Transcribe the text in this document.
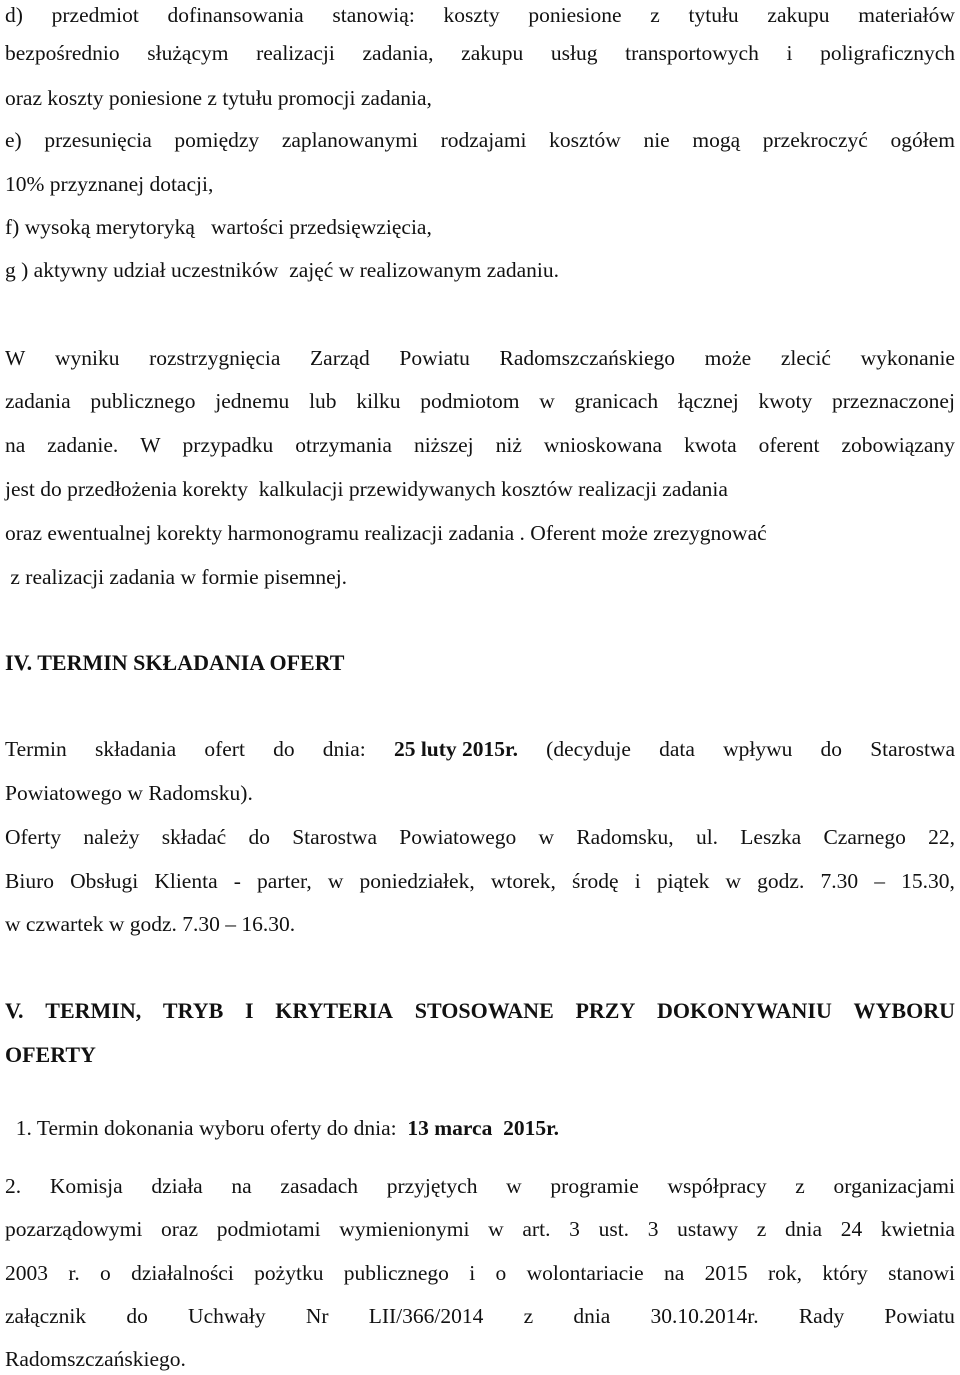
d) przedmiot dofinansowania stanowią: koszty poniesione z tytułu zakupu materiałów
bezpośrednio służącym realizacji zadania, zakupu usług transportowych i poligraficznych
oraz koszty poniesione z tytułu promocji zadania,
e) przesunięcia pomiędzy zaplanowanymi rodzajami kosztów nie mogą przekroczyć ogółem
10% przyznanej dotacji,
f) wysoką merytoryką   wartości przedsięwzięcia,
g ) aktywny udział uczestników  zajęć w realizowanym zadaniu.
W wyniku rozstrzygnięcia Zarząd Powiatu Radomszczańskiego może zlecić wykonanie
zadania publicznego jednemu lub kilku podmiotom w granicach łącznej kwoty przeznaczonej
na zadanie. W przypadku otrzymania niższej niż wnioskowana kwota oferent zobowiązany
jest do przedłożenia korekty  kalkulacji przewidywanych kosztów realizacji zadania
oraz ewentualnej korekty harmonogramu realizacji zadania . Oferent może zrezygnować
z realizacji zadania w formie pisemnej.
IV. TERMIN SKŁADANIA OFERT
Termin składania ofert do dnia: 25 luty 2015r. (decyduje data wpływu do Starostwa
Powiatowego w Radomsku).
Oferty należy składać do Starostwa Powiatowego w Radomsku, ul. Leszka Czarnego 22,
Biuro Obsługi Klienta - parter, w poniedziałek, wtorek, środę i piątek w godz. 7.30 – 15.30,
w czwartek w godz. 7.30 – 16.30.
V. TERMIN, TRYB I KRYTERIA STOSOWANE PRZY DOKONYWANIU WYBORU
OFERTY

1. Termin dokonania wyboru oferty do dnia:  13 marca  2015r.

2. Komisja działa na zasadach przyjętych w programie współpracy z organizacjami
pozarządowymi oraz podmiotami wymienionymi w art. 3 ust. 3 ustawy z dnia 24 kwietnia
2003 r. o działalności pożytku publicznego i o wolontariacie na 2015 rok, który stanowi
załącznik do Uchwały Nr LII/366/2014 z dnia 30.10.2014r. Rady Powiatu
Radomszczańskiego.
